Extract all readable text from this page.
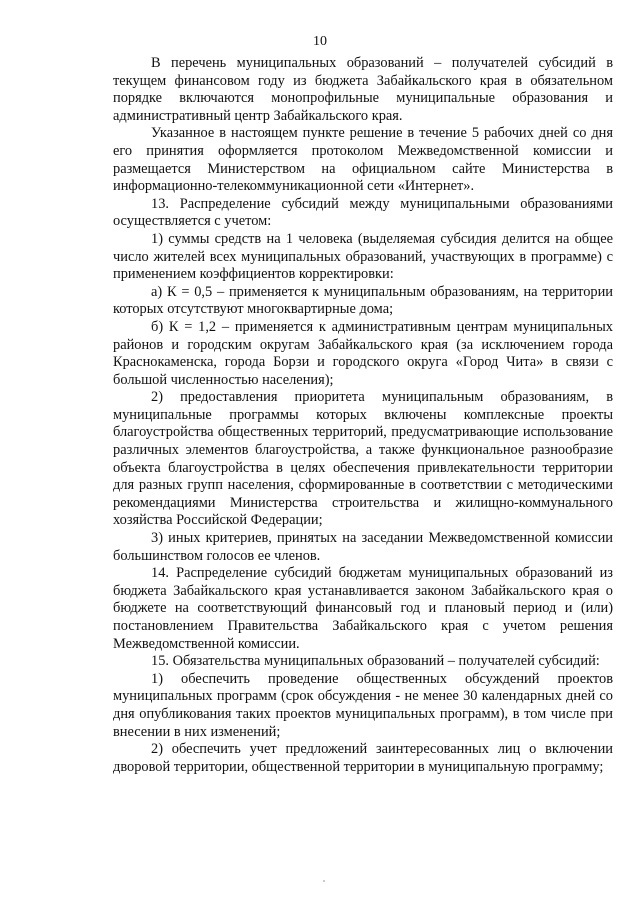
10

В перечень муниципальных образований – получателей субсидий в текущем финансовом году из бюджета Забайкальского края в обязательном порядке включаются монопрофильные муниципальные образования и административный центр Забайкальского края.

Указанное в настоящем пункте решение в течение 5 рабочих дней со дня его принятия оформляется протоколом Межведомственной комиссии и размещается Министерством на официальном сайте Министерства в информационно-телекоммуникационной сети «Интернет».

13. Распределение субсидий между муниципальными образованиями осуществляется с учетом:

1) суммы средств на 1 человека (выделяемая субсидия делится на общее число жителей всех муниципальных образований, участвующих в программе) с применением коэффициентов корректировки:

а) К = 0,5 – применяется к муниципальным образованиям, на территории которых отсутствуют многоквартирные дома;

б) К = 1,2 – применяется к административным центрам муниципальных районов и городским округам Забайкальского края (за исключением города Краснокаменска, города Борзи и городского округа «Город Чита» в связи с большой численностью населения);

2) предоставления приоритета муниципальным образованиям, в муниципальные программы которых включены комплексные проекты благоустройства общественных территорий, предусматривающие использование различных элементов благоустройства, а также функциональное разнообразие объекта благоустройства в целях обеспечения привлекательности территории для разных групп населения, сформированные в соответствии с методическими рекомендациями Министерства строительства и жилищно-коммунального хозяйства Российской Федерации;

3) иных критериев, принятых на заседании Межведомственной комиссии большинством голосов ее членов.

14. Распределение субсидий бюджетам муниципальных образований из бюджета Забайкальского края устанавливается законом Забайкальского края о бюджете на соответствующий финансовый год и плановый период и (или) постановлением Правительства Забайкальского края с учетом решения Межведомственной комиссии.

15. Обязательства муниципальных образований – получателей субсидий:

1) обеспечить проведение общественных обсуждений проектов муниципальных программ (срок обсуждения - не менее 30 календарных дней со дня опубликования таких проектов муниципальных программ), в том числе при внесении в них изменений;

2) обеспечить учет предложений заинтересованных лиц о включении дворовой территории, общественной территории в муниципальную программу;
